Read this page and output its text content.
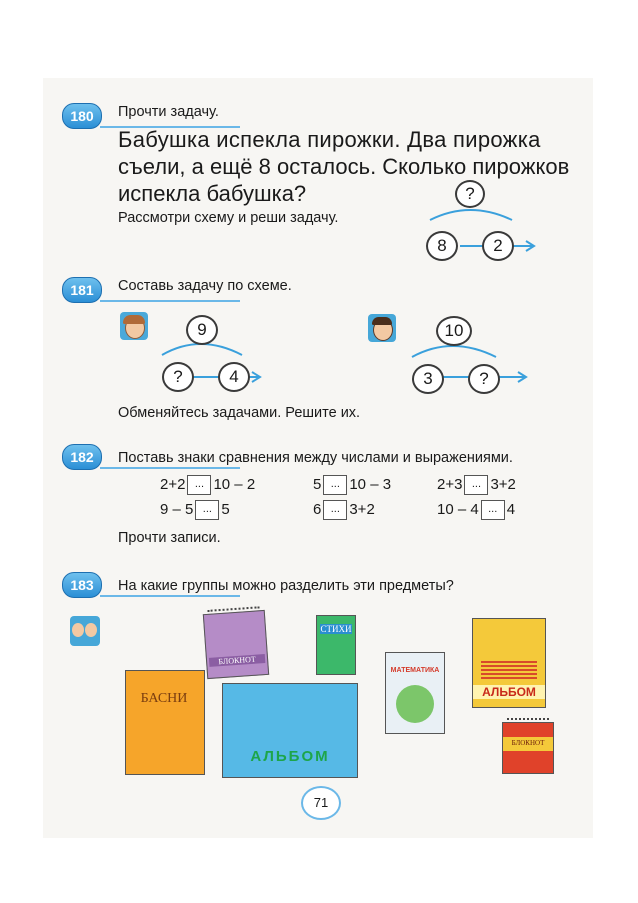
180	Прочти задачу.
Бабушка испекла пирожки. Два пирожка
съели, а ещё 8 осталось. Сколько пирожков
испекла бабушка?
Рассмотри схему и реши задачу.
?
8	2
181	Составь задачу по схеме.
9
?	4
10
3	?
Обменяйтесь задачами. Решите их.
182	Поставь знаки сравнения между числами и выражениями.
2+2 ... 10 – 2	5 ... 10 – 3	2+3 ... 3+2
9 – 5 ... 5	6 ... 3+2	10 – 4 ... 4
Прочти записи.
183	На какие группы можно разделить эти предметы?
БАСНИ
БЛОКНОТ
АЛЬБОМ
СТИХИ
МАТЕМАТИКА
АЛЬБОМ
БЛОКНОТ
71
